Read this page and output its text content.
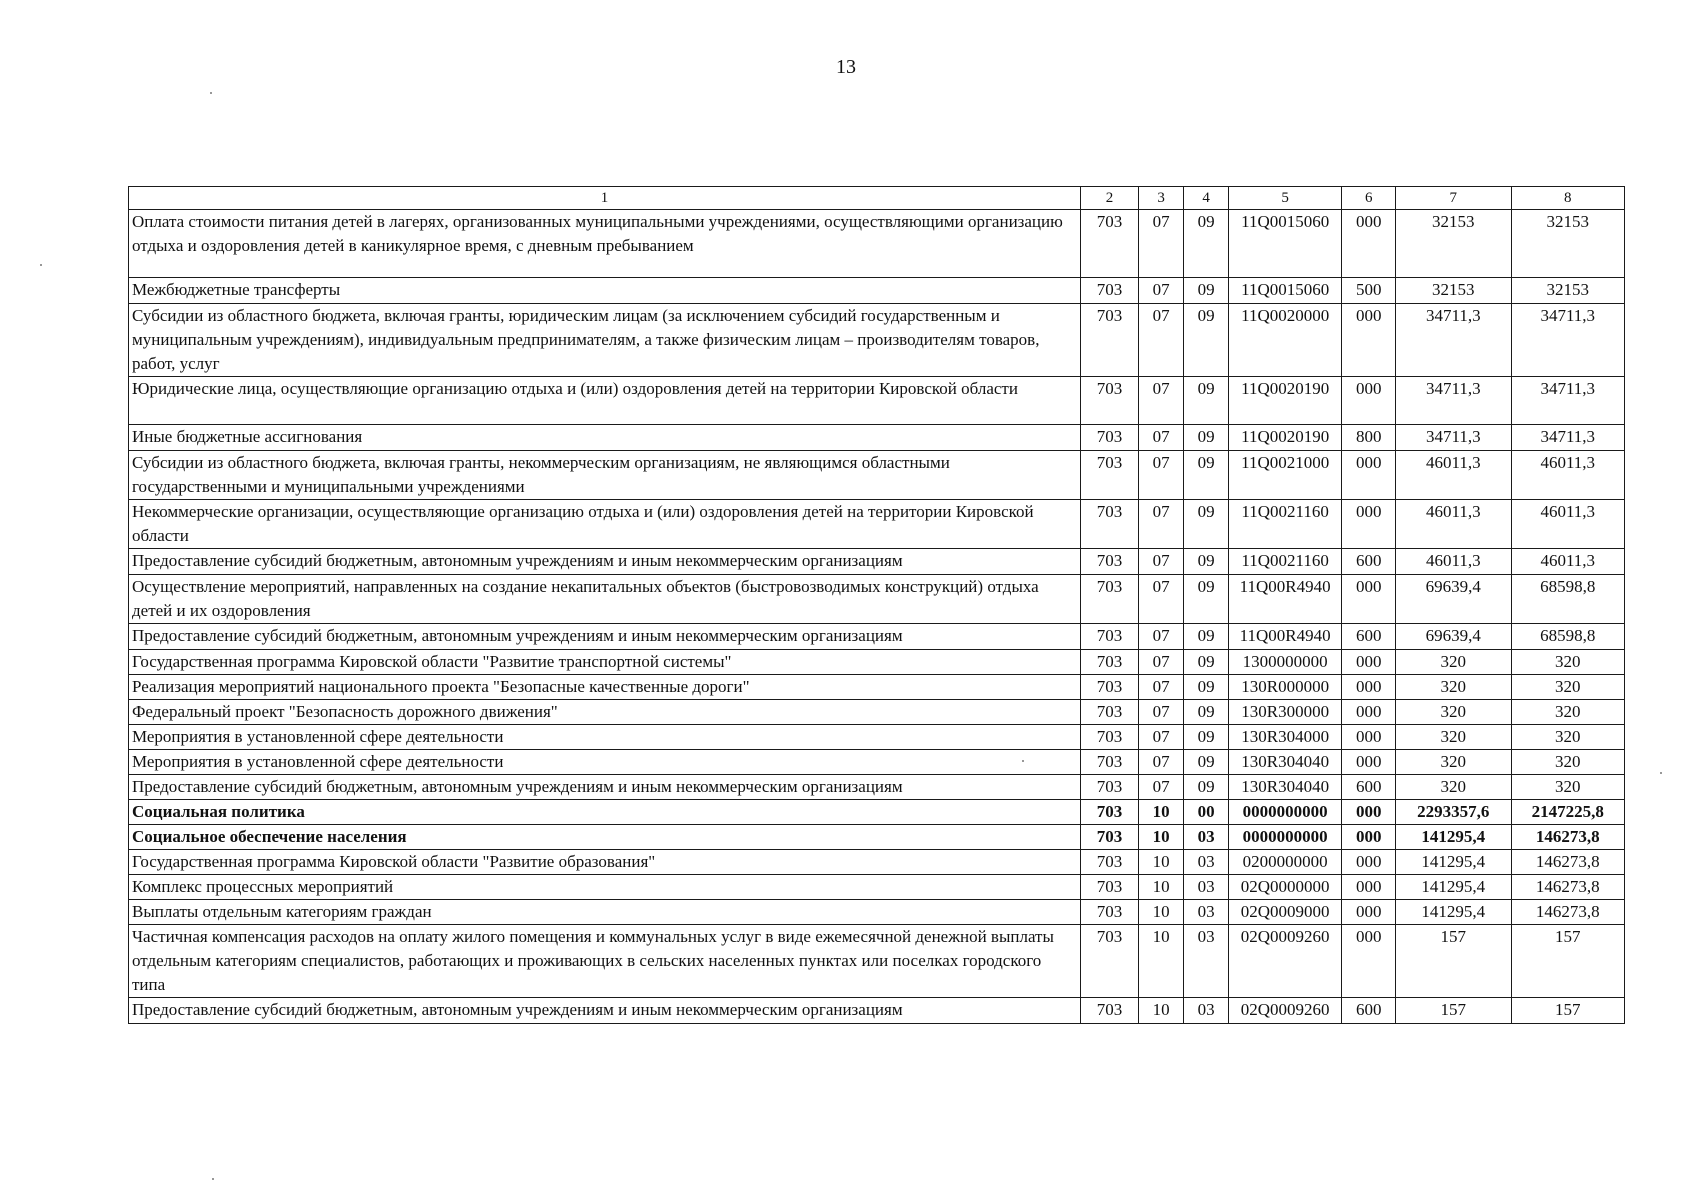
13
1	2	3	4	5	6	7	8
Оплата стоимости питания детей в лагерях, организованных муниципальными учреждениями, осуществляющими организацию отдыха и оздоровления детей в каникулярное время, с дневным пребыванием	703	07	09	11Q0015060	000	32153	32153
Межбюджетные трансферты	703	07	09	11Q0015060	500	32153	32153
Субсидии из областного бюджета, включая гранты, юридическим лицам (за исключением субсидий государственным и муниципальным учреждениям), индивидуальным предпринимателям, а также физическим лицам – производителям товаров, работ, услуг	703	07	09	11Q0020000	000	34711,3	34711,3
Юридические лица, осуществляющие организацию отдыха и (или) оздоровления детей на территории Кировской области	703	07	09	11Q0020190	000	34711,3	34711,3
Иные бюджетные ассигнования	703	07	09	11Q0020190	800	34711,3	34711,3
Субсидии из областного бюджета, включая гранты, некоммерческим организациям, не являющимся областными государственными и муниципальными учреждениями	703	07	09	11Q0021000	000	46011,3	46011,3
Некоммерческие организации, осуществляющие организацию отдыха и (или) оздоровления детей на территории Кировской области	703	07	09	11Q0021160	000	46011,3	46011,3
Предоставление субсидий бюджетным, автономным учреждениям и иным некоммерческим организациям	703	07	09	11Q0021160	600	46011,3	46011,3
Осуществление мероприятий, направленных на создание некапитальных объектов (быстровозводимых конструкций) отдыха детей и их оздоровления	703	07	09	11Q00R4940	000	69639,4	68598,8
Предоставление субсидий бюджетным, автономным учреждениям и иным некоммерческим организациям	703	07	09	11Q00R4940	600	69639,4	68598,8
Государственная программа Кировской области "Развитие транспортной системы"	703	07	09	1300000000	000	320	320
Реализация мероприятий национального проекта "Безопасные качественные дороги"	703	07	09	130R000000	000	320	320
Федеральный проект "Безопасность дорожного движения"	703	07	09	130R300000	000	320	320
Мероприятия в установленной сфере деятельности	703	07	09	130R304000	000	320	320
Мероприятия в установленной сфере деятельности	703	07	09	130R304040	000	320	320
Предоставление субсидий бюджетным, автономным учреждениям и иным некоммерческим организациям	703	07	09	130R304040	600	320	320
Социальная политика	703	10	00	0000000000	000	2293357,6	2147225,8
Социальное обеспечение населения	703	10	03	0000000000	000	141295,4	146273,8
Государственная программа Кировской области "Развитие образования"	703	10	03	0200000000	000	141295,4	146273,8
Комплекс процессных мероприятий	703	10	03	02Q0000000	000	141295,4	146273,8
Выплаты отдельным категориям граждан	703	10	03	02Q0009000	000	141295,4	146273,8
Частичная компенсация расходов на оплату жилого помещения и коммунальных услуг в виде ежемесячной денежной выплаты отдельным категориям специалистов, работающих и проживающих в сельских населенных пунктах или поселках городского типа	703	10	03	02Q0009260	000	157	157
Предоставление субсидий бюджетным, автономным учреждениям и иным некоммерческим организациям	703	10	03	02Q0009260	600	157	157
